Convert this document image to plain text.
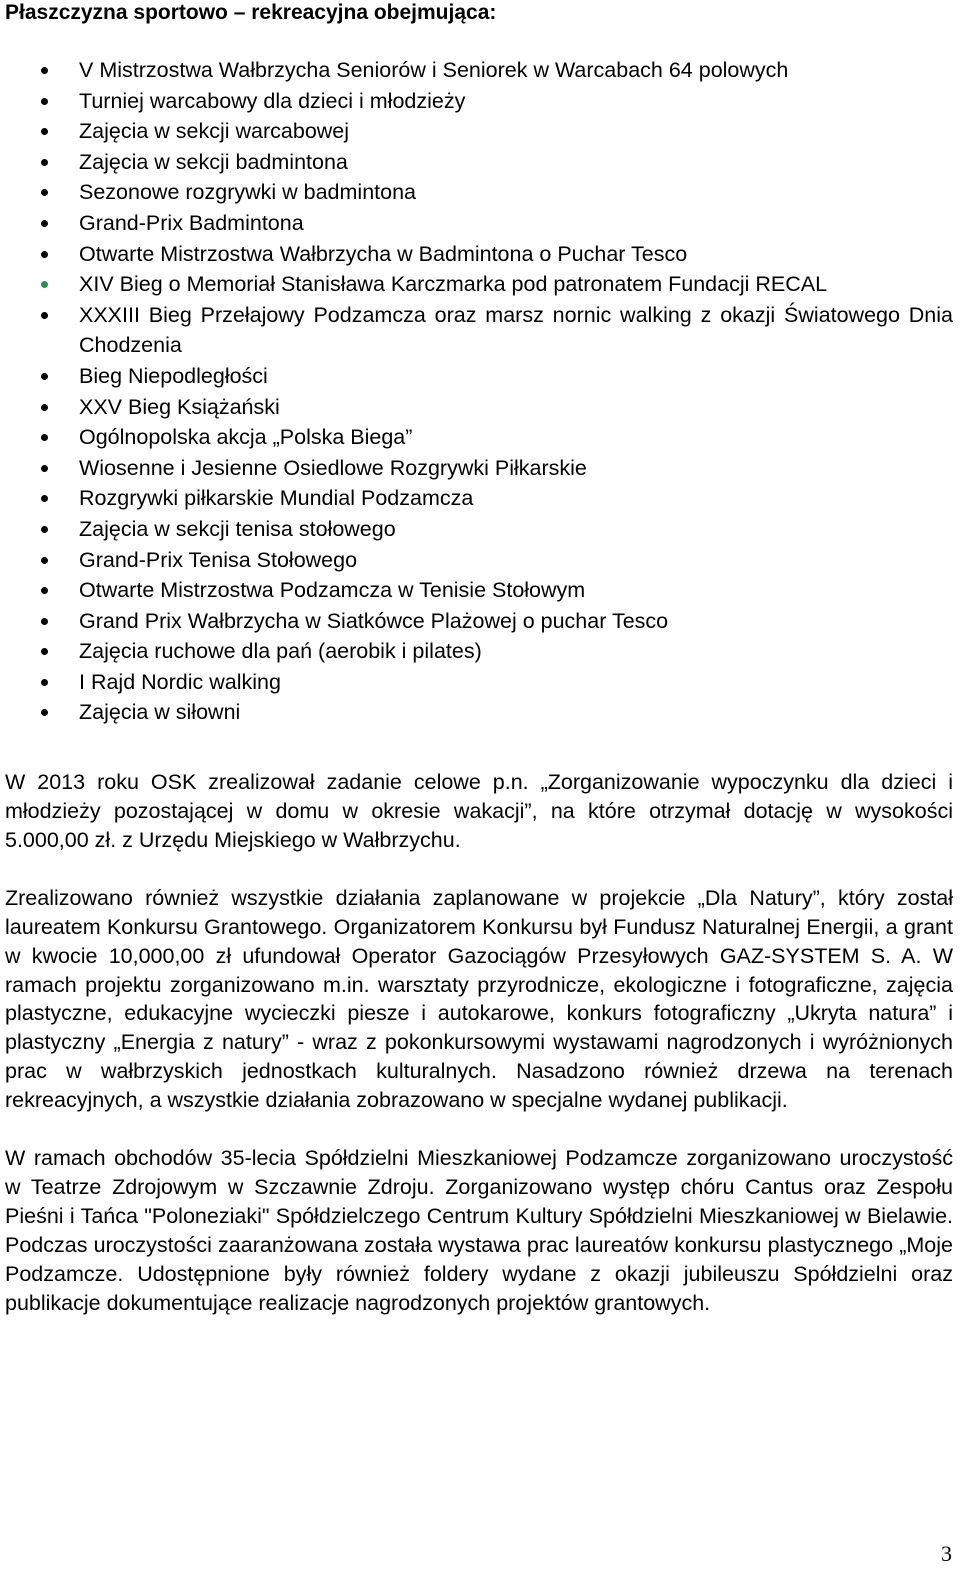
Płaszczyzna sportowo – rekreacyjna obejmująca:
V Mistrzostwa Wałbrzycha Seniorów i Seniorek w Warcabach 64 polowych
Turniej warcabowy dla dzieci i młodzieży
Zajęcia w sekcji warcabowej
Zajęcia w sekcji badmintona
Sezonowe rozgrywki w badmintona
Grand-Prix Badmintona
Otwarte Mistrzostwa Wałbrzycha w Badmintona o Puchar Tesco
XIV Bieg o Memoriał Stanisława Karczmarka pod patronatem Fundacji RECAL
XXXIII Bieg Przełajowy Podzamcza oraz marsz nornic walking z okazji Światowego Dnia Chodzenia
Bieg Niepodległości
XXV Bieg Książański
Ogólnopolska akcja „Polska Biega”
Wiosenne i Jesienne Osiedlowe Rozgrywki Piłkarskie
Rozgrywki piłkarskie Mundial Podzamcza
Zajęcia w sekcji tenisa stołowego
Grand-Prix Tenisa Stołowego
Otwarte Mistrzostwa Podzamcza w Tenisie Stołowym
Grand Prix Wałbrzycha w Siatkówce Plażowej o puchar Tesco
Zajęcia ruchowe dla pań (aerobik i pilates)
I Rajd Nordic walking
Zajęcia w siłowni

W 2013 roku OSK zrealizował zadanie celowe p.n. „Zorganizowanie wypoczynku dla dzieci i młodzieży pozostającej w domu w okresie wakacji”, na które otrzymał dotację w wysokości 5.000,00 zł. z Urzędu Miejskiego w Wałbrzychu.

Zrealizowano również wszystkie działania zaplanowane w projekcie „Dla Natury”, który został laureatem Konkursu Grantowego. Organizatorem Konkursu był Fundusz Naturalnej Energii, a grant w kwocie 10,000,00 zł ufundował Operator Gazociągów Przesyłowych GAZ-SYSTEM S. A. W ramach projektu zorganizowano m.in. warsztaty przyrodnicze, ekologiczne i fotograficzne, zajęcia plastyczne, edukacyjne wycieczki piesze i autokarowe, konkurs fotograficzny „Ukryta natura” i plastyczny „Energia z natury” - wraz z pokonkursowymi wystawami nagrodzonych i wyróżnionych prac w wałbrzyskich jednostkach kulturalnych. Nasadzono również drzewa na terenach rekreacyjnych, a wszystkie działania zobrazowano w specjalne wydanej publikacji.

W ramach obchodów 35-lecia Spółdzielni Mieszkaniowej Podzamcze zorganizowano uroczystość w Teatrze Zdrojowym w Szczawnie Zdroju. Zorganizowano występ chóru Cantus oraz Zespołu Pieśni i Tańca "Poloneziaki" Spółdzielczego Centrum Kultury Spółdzielni Mieszkaniowej w Bielawie. Podczas uroczystości zaaranżowana została wystawa prac laureatów konkursu plastycznego „Moje Podzamcze. Udostępnione były również foldery wydane z okazji jubileuszu Spółdzielni oraz publikacje dokumentujące realizacje nagrodzonych projektów grantowych.

3
